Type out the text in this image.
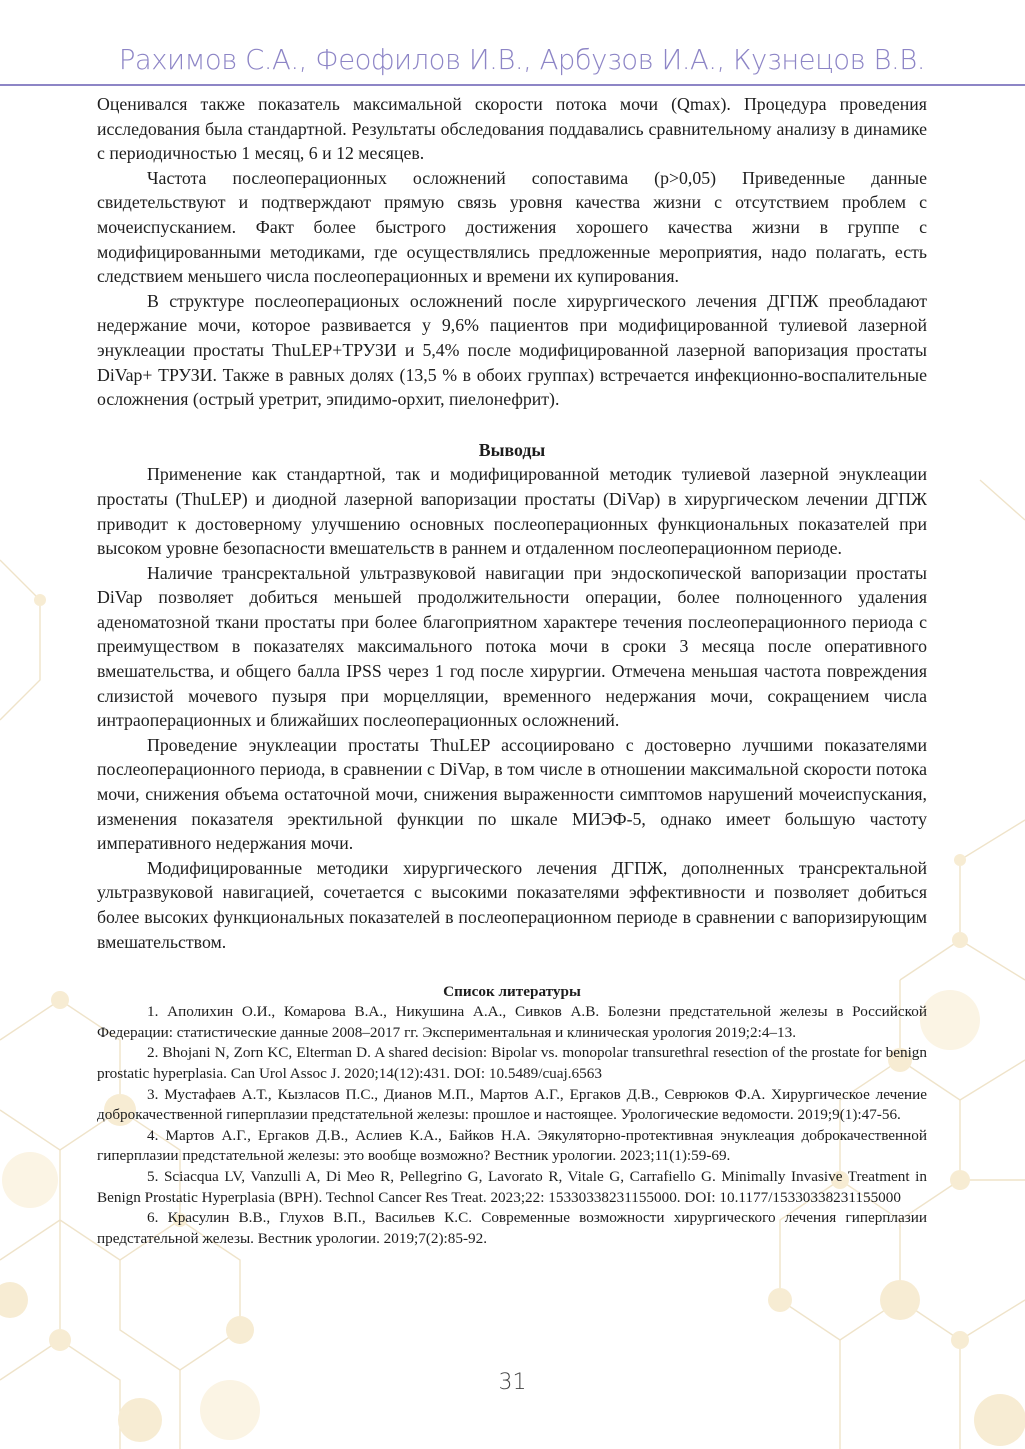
Рахимов С.А., Феофилов И.В., Арбузов И.А., Кузнецов В.В.

Оценивался также показатель максимальной скорости потока мочи (Qmax). Процедура проведения исследования была стандартной. Результаты обследования поддавались сравнительному анализу в динамике с периодичностью 1 месяц, 6 и 12 месяцев.

Частота послеоперационных осложнений сопоставима (р>0,05) Приведенные данные свидетельствуют и подтверждают прямую связь уровня качества жизни с отсутствием проблем с мочеиспусканием. Факт более быстрого достижения хорошего качества жизни в группе с модифицированными методиками, где осуществлялись предложенные мероприятия, надо полагать, есть следствием меньшего числа послеоперационных и времени их купирования.

В структуре послеоперационых осложнений после хирургического лечения ДГПЖ преобладают недержание мочи, которое развивается у 9,6% пациентов при модифицированной тулиевой лазерной энуклеации простаты ThuLEP+ТРУЗИ и 5,4% после модифицированной лазерной вапоризация простаты DiVap+ ТРУЗИ. Также в равных долях (13,5 % в обоих группах) встречается инфекционно-воспалительные осложнения (острый уретрит, эпидимо-орхит, пиелонефрит).

Выводы

Применение как стандартной, так и модифицированной методик тулиевой лазерной энуклеации простаты (ThuLEP) и диодной лазерной вапоризации простаты (DiVap) в хирургическом лечении ДГПЖ приводит к достоверному улучшению основных послеоперационных функциональных показателей при высоком уровне безопасности вмешательств в раннем и отдаленном послеоперационном периоде.

Наличие трансректальной ультразвуковой навигации при эндоскопической вапоризации простаты DiVap позволяет добиться меньшей продолжительности операции, более полноценного удаления аденоматозной ткани простаты при более благоприятном характере течения послеоперационного периода с преимуществом в показателях максимального потока мочи в сроки 3 месяца после оперативного вмешательства, и общего балла IPSS через 1 год после хирургии. Отмечена меньшая частота повреждения слизистой мочевого пузыря при морцелляции, временного недержания мочи, сокращением числа интраоперационных и ближайших послеоперационных осложнений.

Проведение энуклеации простаты ThuLEP ассоциировано с достоверно лучшими показателями послеоперационного периода, в сравнении с DiVap, в том числе в отношении максимальной скорости потока мочи, снижения объема остаточной мочи, снижения выраженности симптомов нарушений мочеиспускания, изменения показателя эректильной функции по шкале МИЭФ-5, однако имеет большую частоту императивного недержания мочи.

Модифицированные методики хирургического лечения ДГПЖ, дополненных трансректальной ультразвуковой навигацией, сочетается с высокими показателями эффективности и позволяет добиться более высоких функциональных показателей в послеоперационном периоде в сравнении с вапоризирующим вмешательством.

Список литературы

1. Аполихин О.И., Комарова В.А., Никушина А.А., Сивков А.В. Болезни предстательной железы в Российской Федерации: статистические данные 2008–2017 гг. Экспериментальная и клиническая урология 2019;2:4–13.

2. Bhojani N, Zorn KC, Elterman D. A shared decision: Bipolar vs. monopolar transurethral resection of the prostate for benign prostatic hyperplasia. Can Urol Assoc J. 2020;14(12):431. DOI: 10.5489/cuaj.6563

3. Мустафаев А.Т., Кызласов П.С., Дианов М.П., Мартов А.Г., Ергаков Д.В., Севрюков Ф.А. Хирургическое лечение доброкачественной гиперплазии предстательной железы: прошлое и настоящее. Урологические ведомости. 2019;9(1):47-56.

4. Мартов А.Г., Ергаков Д.В., Аслиев К.А., Байков Н.А. Эякуляторно-протективная энуклеация доброкачественной гиперплазии предстательной железы: это вообще возможно? Вестник урологии. 2023;11(1):59-69.

5. Sciacqua LV, Vanzulli A, Di Meo R, Pellegrino G, Lavorato R, Vitale G, Carrafiello G. Minimally Invasive Treatment in Benign Prostatic Hyperplasia (BPH). Technol Cancer Res Treat. 2023;22: 15330338231155000. DOI: 10.1177/15330338231155000

6. Красулин В.В., Глухов В.П., Васильев К.С. Современные возможности хирургического лечения гиперплазии предстательной железы. Вестник урологии. 2019;7(2):85-92.

31
